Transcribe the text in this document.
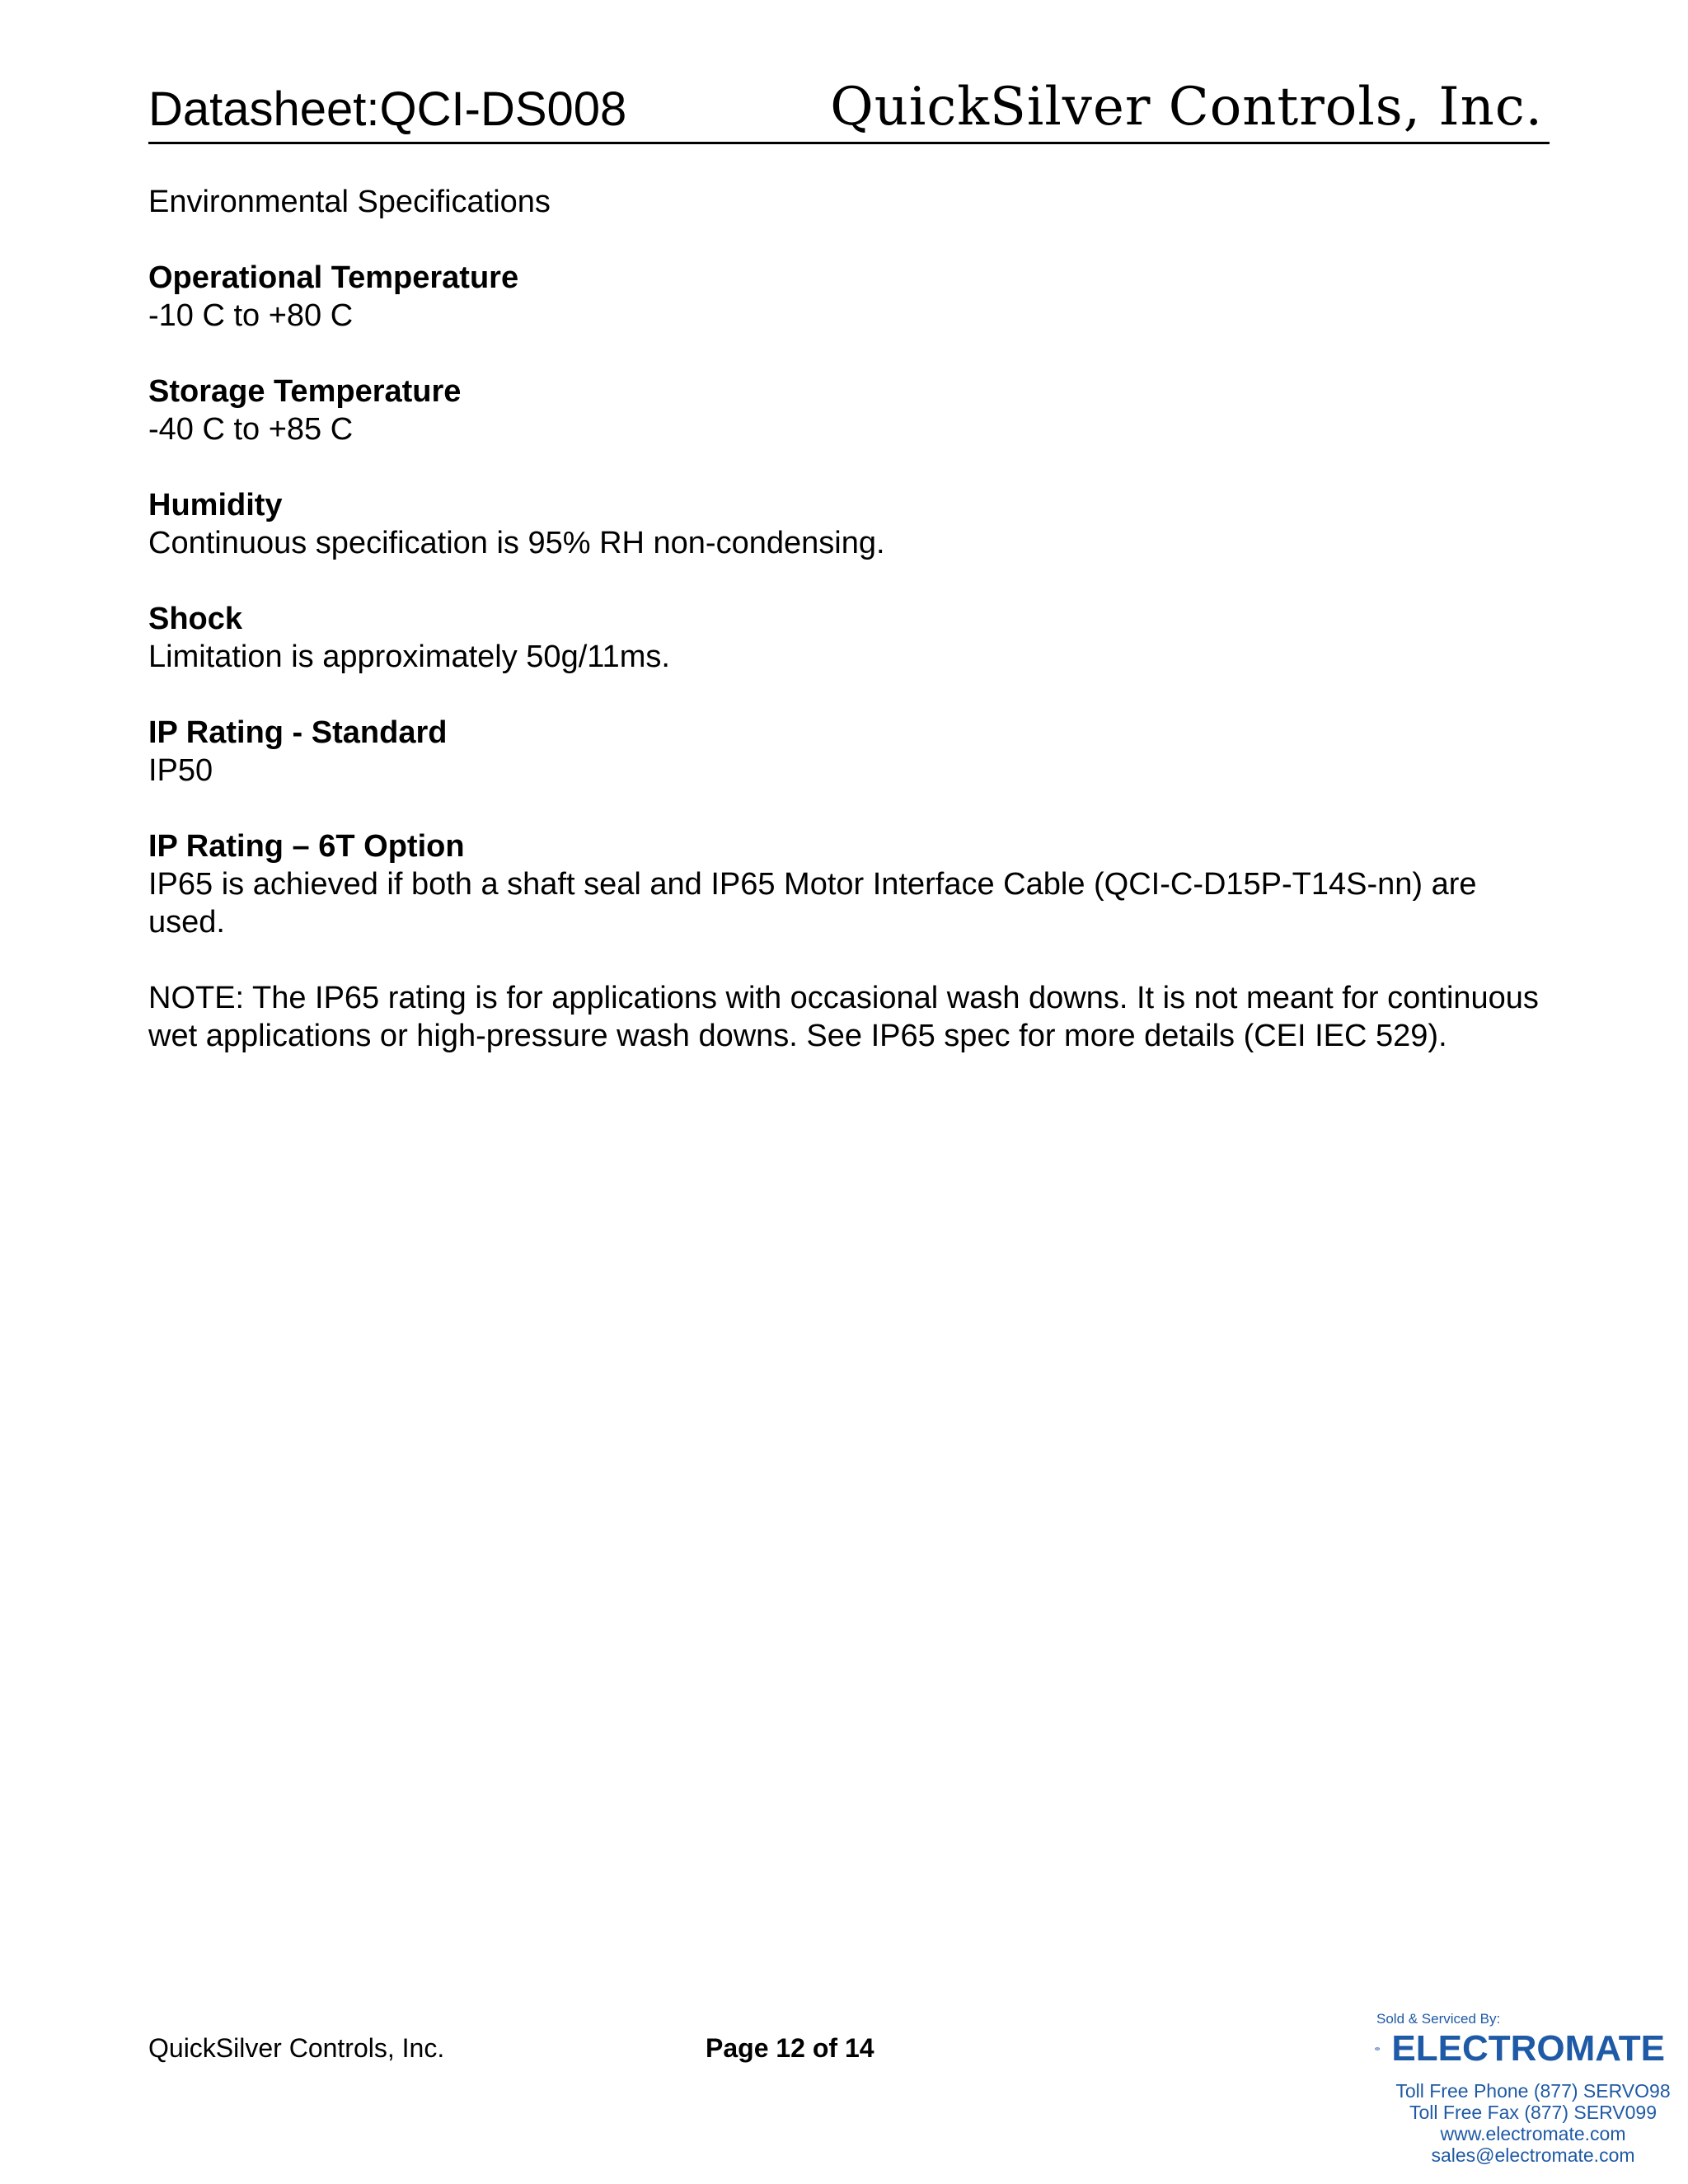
Datasheet:QCI-DS008	QuickSilver Controls, Inc.

Environmental Specifications

Operational Temperature
-10 C to +80 C
Storage Temperature
-40 C to +85 C
Humidity
Continuous specification is 95% RH non-condensing.
Shock
Limitation is approximately 50g/11ms.
IP Rating - Standard
IP50
IP Rating – 6T Option
IP65 is achieved if both a shaft seal and IP65 Motor Interface Cable (QCI-C-D15P-T14S-nn) are used.

NOTE: The IP65 rating is for applications with occasional wash downs. It is not meant for continuous wet applications or high-pressure wash downs. See IP65 spec for more details (CEI IEC 529).

QuickSilver Controls, Inc.	Page 12 of 14
Sold & Serviced By:
ELECTROMATE
Toll Free Phone (877) SERVO98
Toll Free Fax (877) SERV099
www.electromate.com
sales@electromate.com
